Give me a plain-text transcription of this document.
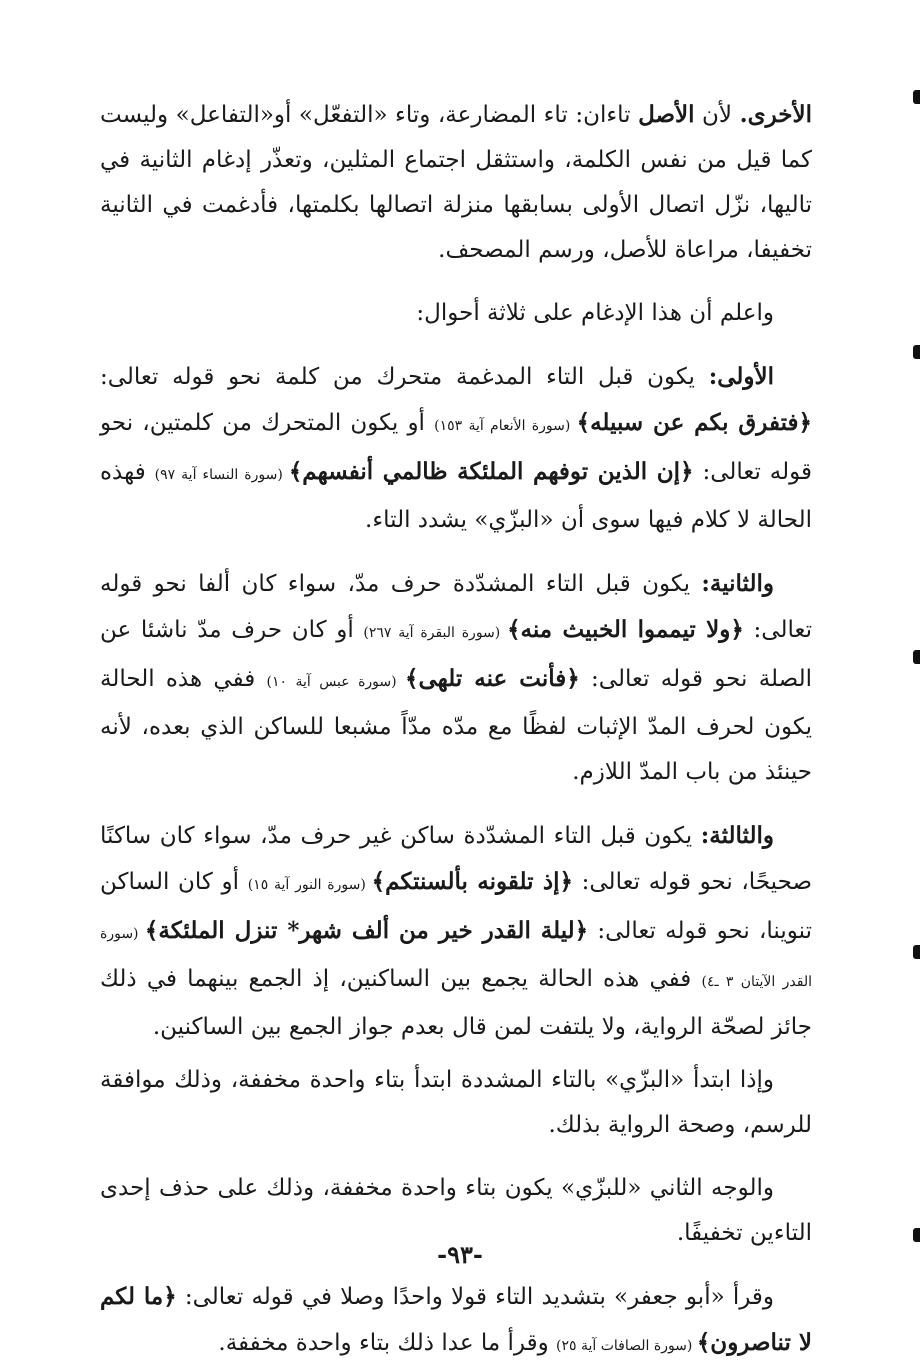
الأخرى. لأن الأصل تاءان: تاء المضارعة، وتاء «التفعّل» أو«التفاعل» وليست كما قيل من نفس الكلمة، واستثقل اجتماع المثلين، وتعذّر إدغام الثانية في تاليها، نزّل اتصال الأولى بسابقها منزلة اتصالها بكلمتها، فأدغمت في الثانية تخفيفا، مراعاة للأصل، ورسم المصحف.

واعلم أن هذا الإدغام على ثلاثة أحوال:

الأولى: يكون قبل التاء المدغمة متحرك من كلمة نحو قوله تعالى: ﴿فتفرق بكم عن سبيله﴾ (سورة الأنعام آية ١٥٣) أو يكون المتحرك من كلمتين، نحو قوله تعالى: ﴿إن الذين توفهم الملئكة ظالمي أنفسهم﴾ (سورة النساء آية ٩٧) فهذه الحالة لا كلام فيها سوى أن «البزّي» يشدد التاء.

والثانية: يكون قبل التاء المشدّدة حرف مدّ، سواء كان ألفا نحو قوله تعالى: ﴿ولا تيمموا الخبيث منه﴾ (سورة البقرة آية ٢٦٧) أو كان حرف مدّ ناشئا عن الصلة نحو قوله تعالى: ﴿فأنت عنه تلهى﴾ (سورة عبس آية ١٠) ففي هذه الحالة يكون لحرف المدّ الإثبات لفظًا مع مدّه مدّاً مشبعا للساكن الذي بعده، لأنه حينئذ من باب المدّ اللازم.

والثالثة: يكون قبل التاء المشدّدة ساكن غير حرف مدّ، سواء كان ساكنًا صحيحًا، نحو قوله تعالى: ﴿إذ تلقونه بألسنتكم﴾ (سورة النور آية ١٥) أو كان الساكن تنوينا، نحو قوله تعالى: ﴿ليلة القدر خير من ألف شهر* تنزل الملئكة﴾ (سورة القدر الآيتان ٣ ـ٤) ففي هذه الحالة يجمع بين الساكنين، إذ الجمع بينهما في ذلك جائز لصحّة الرواية، ولا يلتفت لمن قال بعدم جواز الجمع بين الساكنين.

وإذا ابتدأ «البزّي» بالتاء المشددة ابتدأ بتاء واحدة مخففة، وذلك موافقة للرسم، وصحة الرواية بذلك.

والوجه الثاني «للبزّي» يكون بتاء واحدة مخففة، وذلك على حذف إحدى التاءين تخفيفًا.

وقرأ «أبو جعفر» بتشديد التاء قولا واحدًا وصلا في قوله تعالى: ﴿ما لكم لا تناصرون﴾ (سورة الصافات آية ٢٥) وقرأ ما عدا ذلك بتاء واحدة مخففة.

-٩٣-
